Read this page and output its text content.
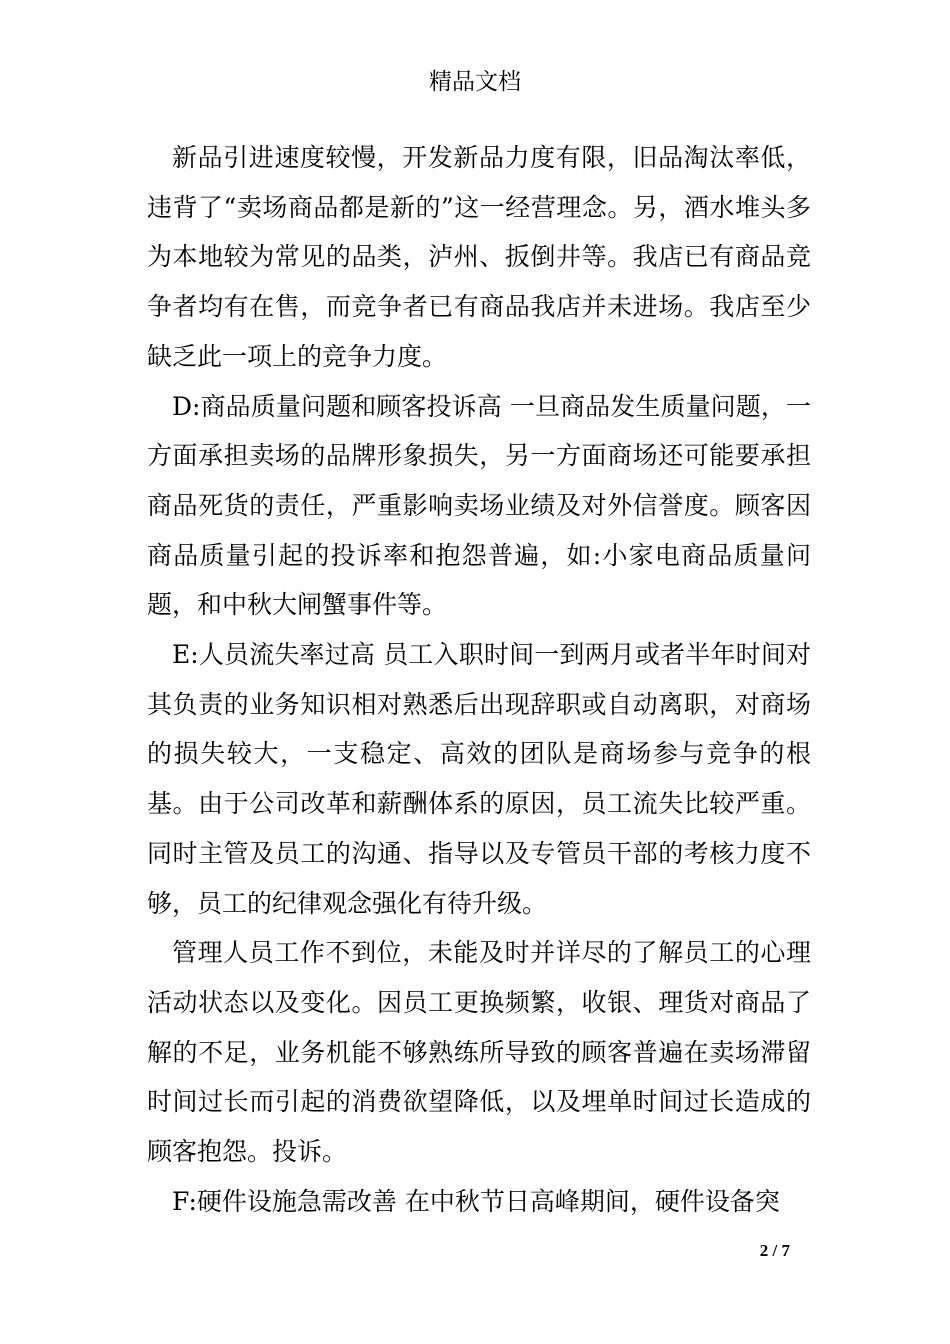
精品文档

新品引进速度较慢，开发新品力度有限，旧品淘汰率低，违背了“卖场商品都是新的”这一经营理念。另，酒水堆头多为本地较为常见的品类，泸州、扳倒井等。我店已有商品竞争者均有在售，而竞争者已有商品我店并未进场。我店至少缺乏此一项上的竞争力度。

D:商品质量问题和顾客投诉高 一旦商品发生质量问题，一方面承担卖场的品牌形象损失，另一方面商场还可能要承担商品死货的责任，严重影响卖场业绩及对外信誉度。顾客因商品质量引起的投诉率和抱怨普遍，如:小家电商品质量问题，和中秋大闸蟹事件等。

E:人员流失率过高 员工入职时间一到两月或者半年时间对其负责的业务知识相对熟悉后出现辞职或自动离职，对商场的损失较大，一支稳定、高效的团队是商场参与竞争的根基。由于公司改革和薪酬体系的原因，员工流失比较严重。同时主管及员工的沟通、指导以及专管员干部的考核力度不够，员工的纪律观念强化有待升级。

管理人员工作不到位，未能及时并详尽的了解员工的心理活动状态以及变化。因员工更换频繁，收银、理货对商品了解的不足，业务机能不够熟练所导致的顾客普遍在卖场滞留时间过长而引起的消费欲望降低，以及埋单时间过长造成的顾客抱怨。投诉。

F:硬件设施急需改善 在中秋节日高峰期间，硬件设备突

2 / 7
